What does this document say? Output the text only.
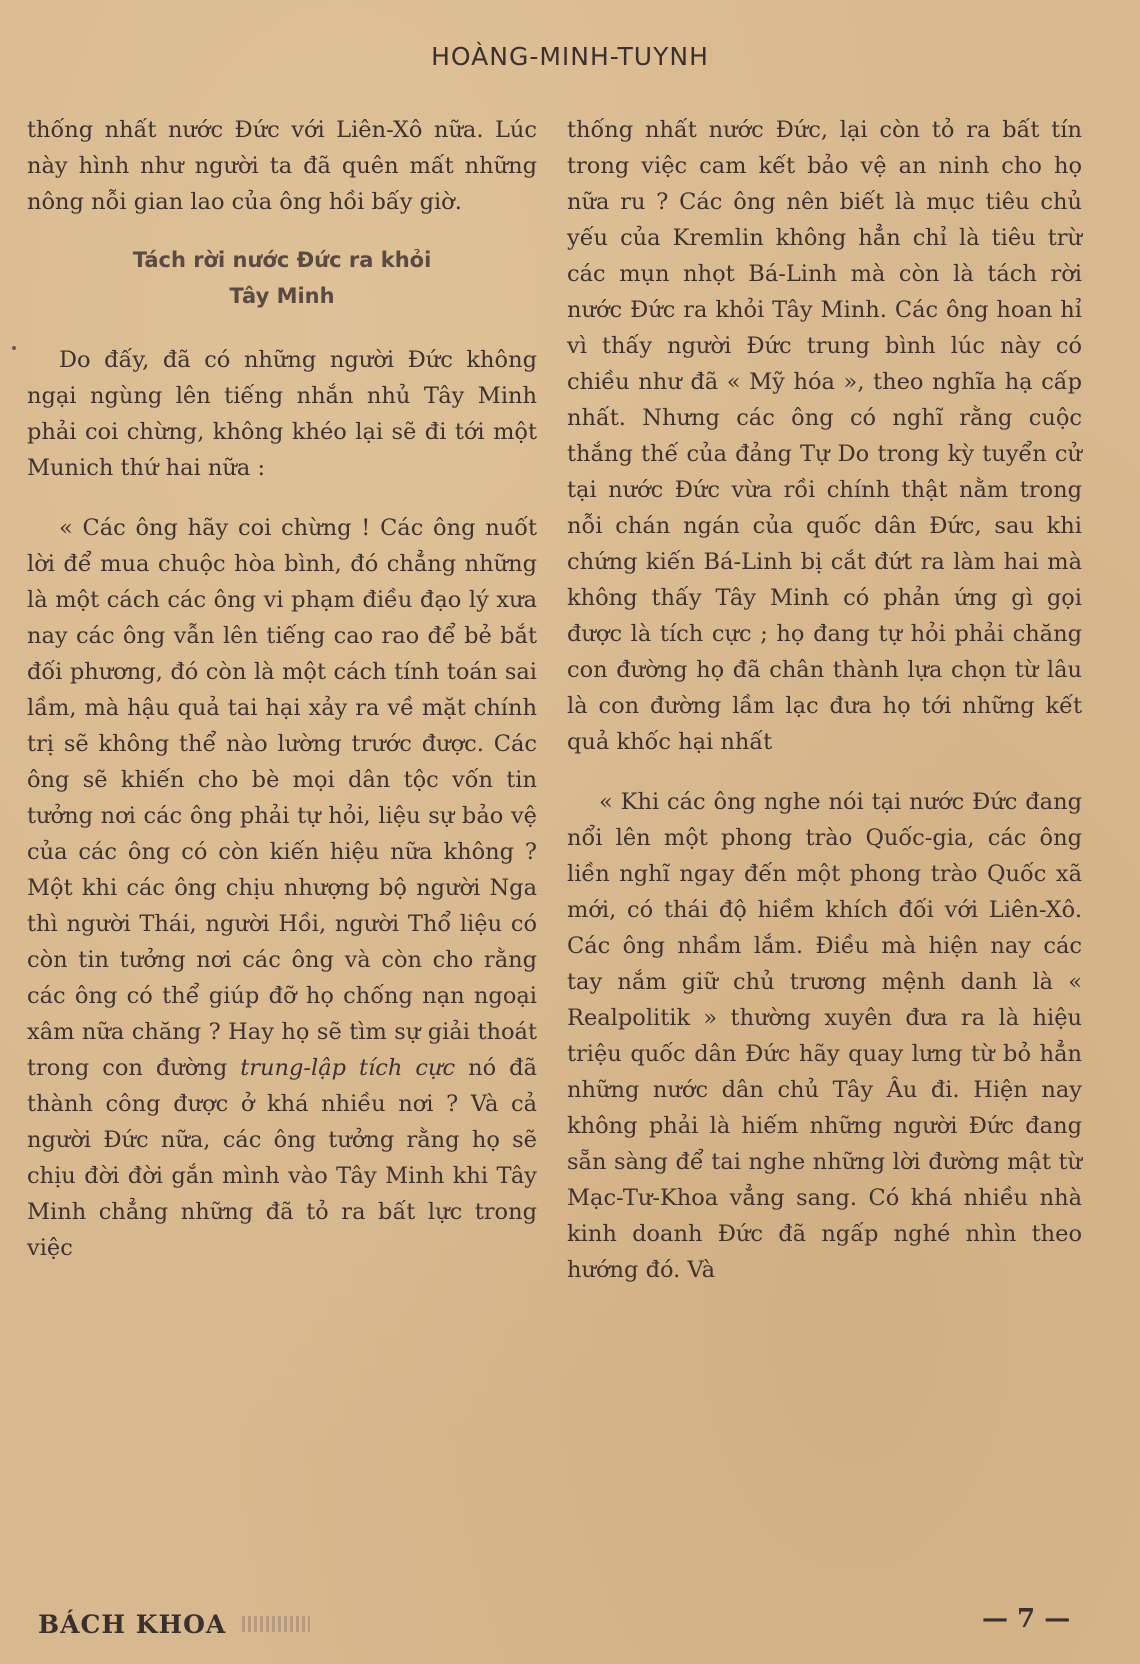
HOÀNG-MINH-TUYNH

thống nhất nước Đức với Liên-Xô nữa. Lúc này hình như người ta đã quên mất những nông nỗi gian lao của ông hồi bấy giờ.

Tách rời nước Đức ra khỏi
Tây Minh

Do đấy, đã có những người Đức không ngại ngùng lên tiếng nhắn nhủ Tây Minh phải coi chừng, không khéo lại sẽ đi tới một Munich thứ hai nữa :

« Các ông hãy coi chừng ! Các ông nuốt lời để mua chuộc hòa bình, đó chẳng những là một cách các ông vi phạm điều đạo lý xưa nay các ông vẫn lên tiếng cao rao để bẻ bắt đối phương, đó còn là một cách tính toán sai lầm, mà hậu quả tai hại xảy ra về mặt chính trị sẽ không thể nào lường trước được. Các ông sẽ khiến cho bè mọi dân tộc vốn tin tưởng nơi các ông phải tự hỏi, liệu sự bảo vệ của các ông có còn kiến hiệu nữa không ? Một khi các ông chịu nhượng bộ người Nga thì người Thái, người Hồi, người Thổ liệu có còn tin tưởng nơi các ông và còn cho rằng các ông có thể giúp đỡ họ chống nạn ngoại xâm nữa chăng ? Hay họ sẽ tìm sự giải thoát trong con đường trung-lập tích cực nó đã thành công được ở khá nhiều nơi ? Và cả người Đức nữa, các ông tưởng rằng họ sẽ chịu đời đời gắn mình vào Tây Minh khi Tây Minh chẳng những đã tỏ ra bất lực trong việc

thống nhất nước Đức, lại còn tỏ ra bất tín trong việc cam kết bảo vệ an ninh cho họ nữa ru ? Các ông nên biết là mục tiêu chủ yếu của Kremlin không hẳn chỉ là tiêu trừ các mụn nhọt Bá-Linh mà còn là tách rời nước Đức ra khỏi Tây Minh. Các ông hoan hỉ vì thấy người Đức trung bình lúc này có chiều như đã « Mỹ hóa », theo nghĩa hạ cấp nhất. Nhưng các ông có nghĩ rằng cuộc thắng thế của đảng Tự Do trong kỳ tuyển cử tại nước Đức vừa rồi chính thật nằm trong nỗi chán ngán của quốc dân Đức, sau khi chứng kiến Bá-Linh bị cắt đứt ra làm hai mà không thấy Tây Minh có phản ứng gì gọi được là tích cực ; họ đang tự hỏi phải chăng con đường họ đã chân thành lựa chọn từ lâu là con đường lầm lạc đưa họ tới những kết quả khốc hại nhất

« Khi các ông nghe nói tại nước Đức đang nổi lên một phong trào Quốc-gia, các ông liền nghĩ ngay đến một phong trào Quốc xã mới, có thái độ hiềm khích đối với Liên-Xô. Các ông nhầm lắm. Điều mà hiện nay các tay nắm giữ chủ trương mệnh danh là « Realpolitik » thường xuyên đưa ra là hiệu triệu quốc dân Đức hãy quay lưng từ bỏ hẳn những nước dân chủ Tây Âu đi. Hiện nay không phải là hiếm những người Đức đang sẵn sàng để tai nghe những lời đường mật từ Mạc-Tư-Khoa vẳng sang. Có khá nhiều nhà kinh doanh Đức đã ngấp nghé nhìn theo hướng đó. Và

BÁCH KHOA	— 7 —
